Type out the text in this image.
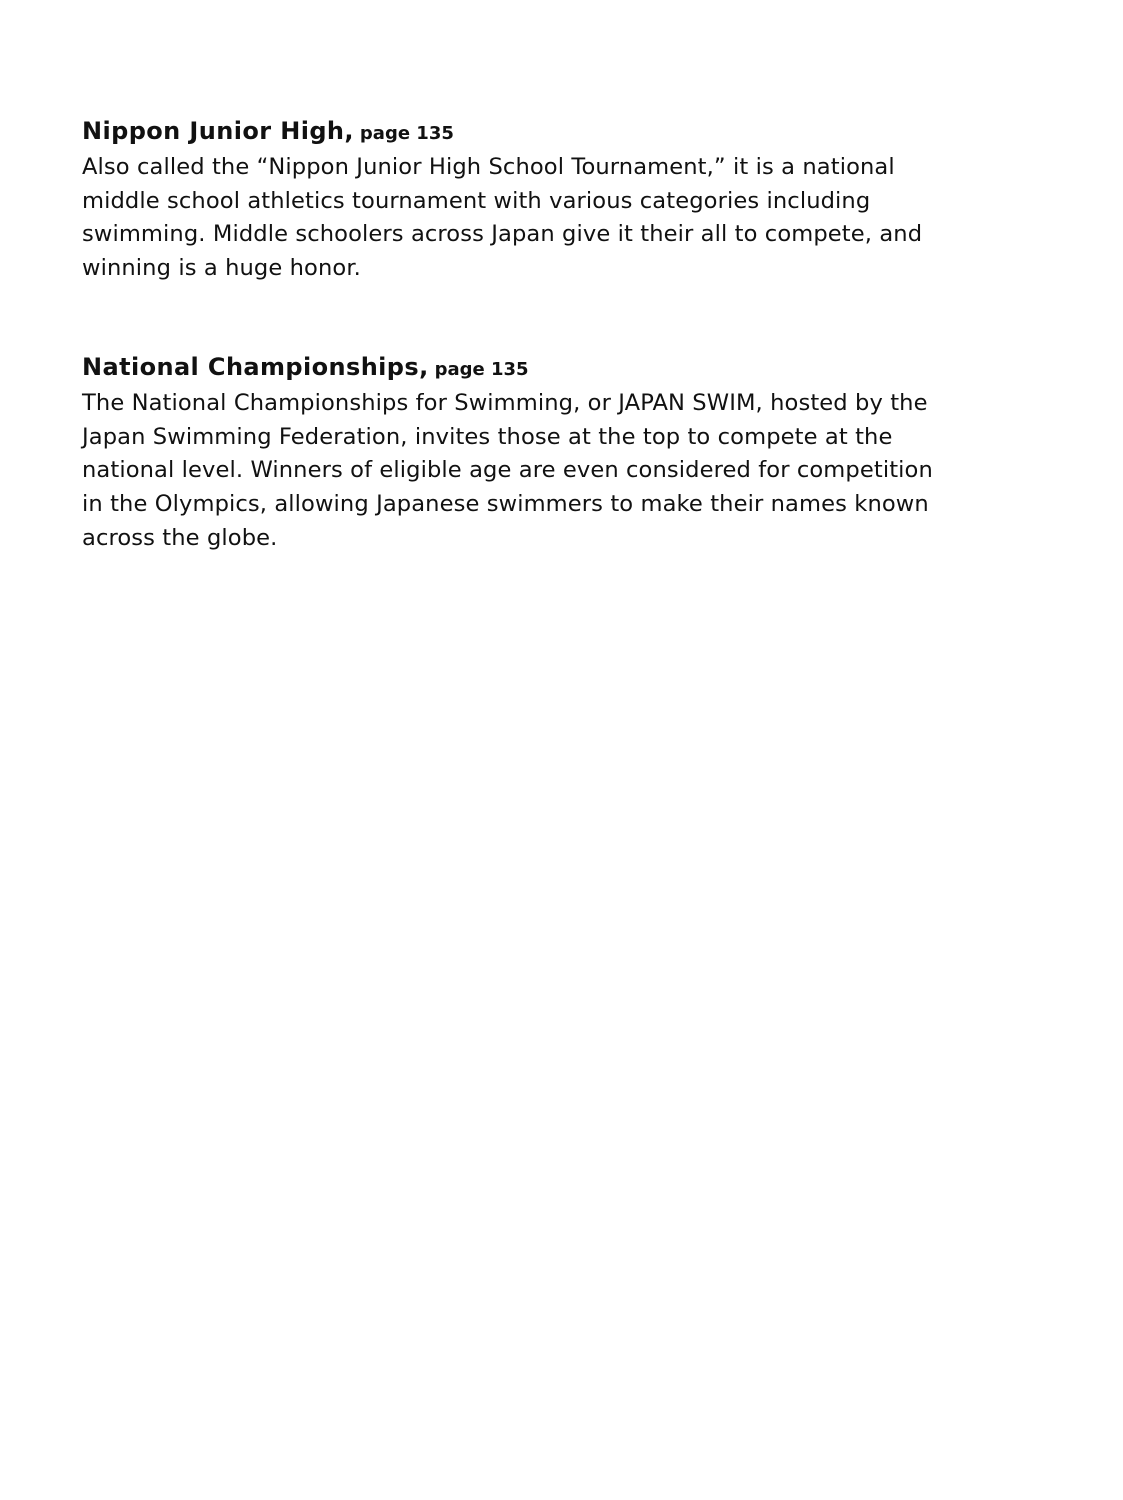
Nippon Junior High, page 135

Also called the “Nippon Junior High School Tournament,” it is a national
middle school athletics tournament with various categories including
swimming. Middle schoolers across Japan give it their all to compete, and
winning is a huge honor.

National Championships, page 135

The National Championships for Swimming, or JAPAN SWIM, hosted by the
Japan Swimming Federation, invites those at the top to compete at the
national level. Winners of eligible age are even considered for competition
in the Olympics, allowing Japanese swimmers to make their names known
across the globe.
